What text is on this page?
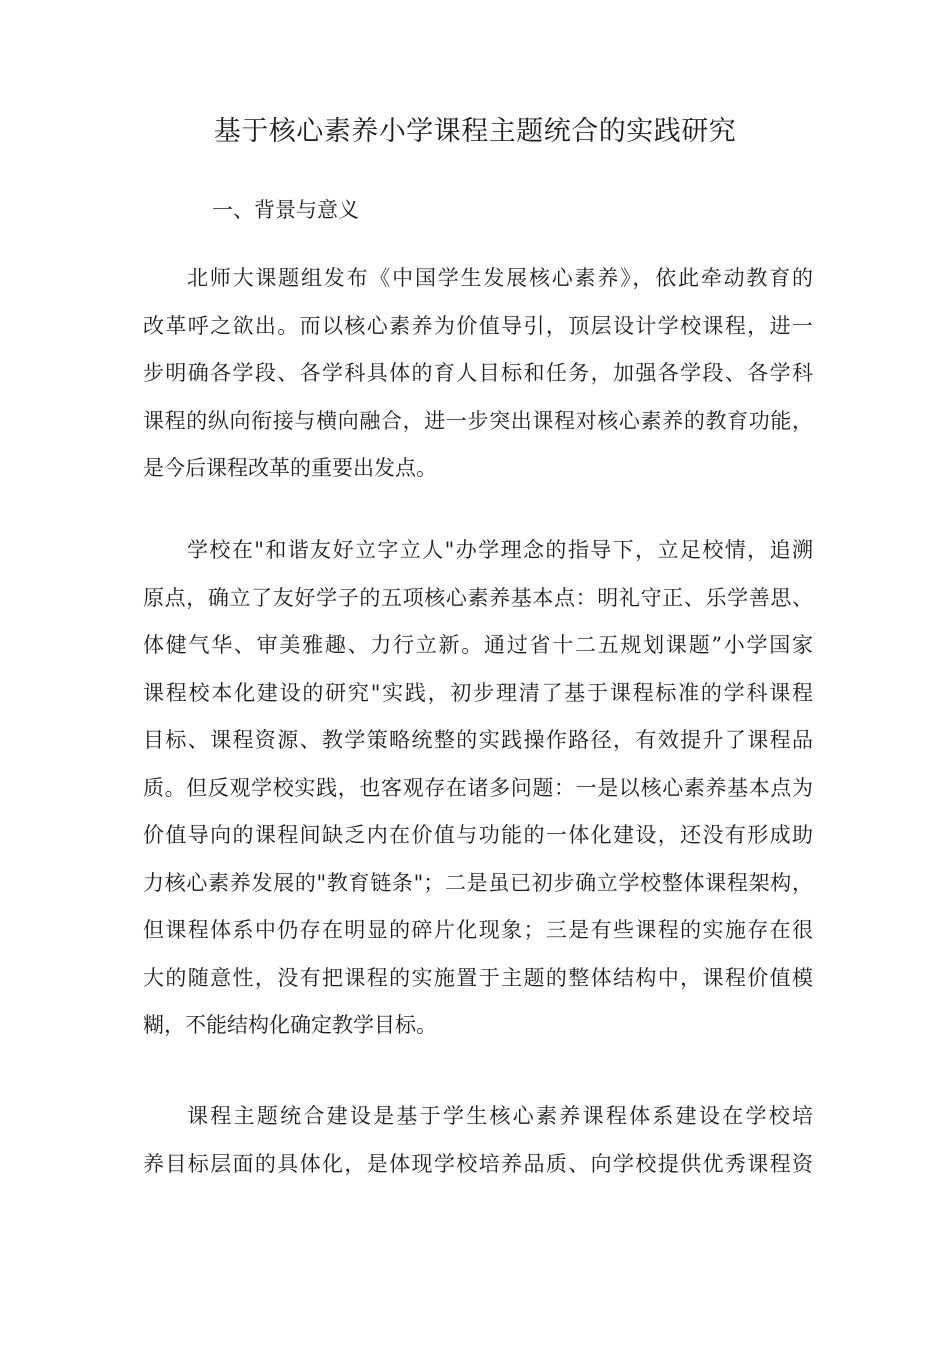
基于核心素养小学课程主题统合的实践研究
一、背景与意义
北师大课题组发布《中国学生发展核心素养》，依此牵动教育的
改革呼之欲出。而以核心素养为价值导引，顶层设计学校课程，进一
步明确各学段、各学科具体的育人目标和任务，加强各学段、各学科
课程的纵向衔接与横向融合，进一步突出课程对核心素养的教育功能，
是今后课程改革的重要出发点。
学校在"和谐友好立字立人"办学理念的指导下，立足校情，追溯
原点，确立了友好学子的五项核心素养基本点：明礼守正、乐学善思、
体健气华、审美雅趣、力行立新。通过省十二五规划课题”小学国家
课程校本化建设的研究"实践，初步理清了基于课程标准的学科课程
目标、课程资源、教学策略统整的实践操作路径，有效提升了课程品
质。但反观学校实践，也客观存在诸多问题：一是以核心素养基本点为
价值导向的课程间缺乏内在价值与功能的一体化建设，还没有形成助
力核心素养发展的"教育链条"；二是虽已初步确立学校整体课程架构，
但课程体系中仍存在明显的碎片化现象；三是有些课程的实施存在很
大的随意性，没有把课程的实施置于主题的整体结构中，课程价值模
糊，不能结构化确定教学目标。
课程主题统合建设是基于学生核心素养课程体系建设在学校培
养目标层面的具体化，是体现学校培养品质、向学校提供优秀课程资
